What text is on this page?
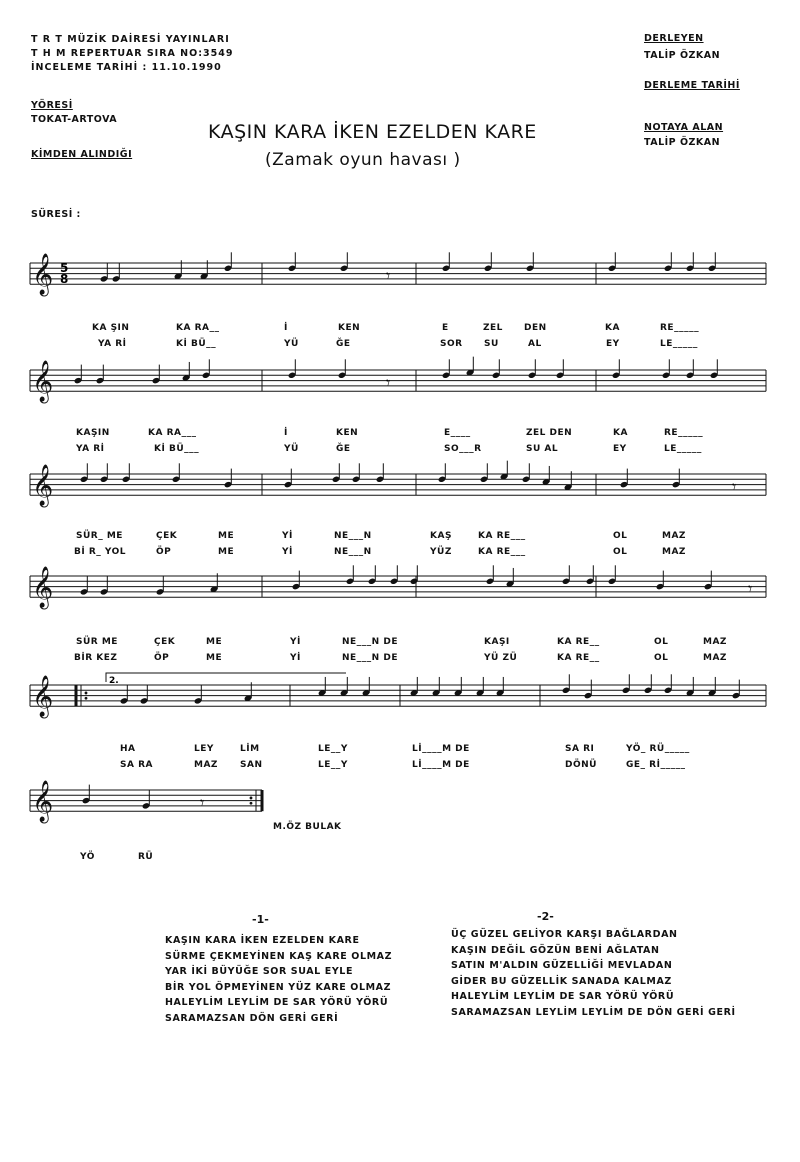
T R T MÜZİK DAİRESİ YAYINLARI
T H M REPERTUAR SIRA NO:3549
İNCELEME TARİHİ : 11.10.1990
YÖRESİ
TOKAT-ARTOVA
KİMDEN ALINDIĞI
SÜRESİ :
DERLEYEN
TALİP ÖZKAN
DERLEME TARİHİ
NOTAYA ALAN
TALİP ÖZKAN
KAŞIN KARA İKEN EZELDEN KARE
(Zamak oyun havası )
𝄞 5
8	𝄾
𝄞	𝄾
𝄞	𝄾
𝄞	𝄾
𝄞	2.
𝄞	𝄾
KA ŞIN	KA RA__	İ	KEN	E	ZEL DEN	KA	RE_____
YA Rİ	Kİ BÜ__	YÜ	ĞE	SOR SU	AL	EY	LE_____
KAŞIN	KA RA___	İ	KEN	E____	ZEL DEN	KA	RE_____
YA Rİ	Kİ BÜ___	YÜ	ĞE	SO___R	SU AL	EY	LE_____
SÜR_ ME	ÇEK	ME	Yİ	NE___N	KAŞ	KA RE___	OL	MAZ
Bİ R_ YOL	ÖP	ME	Yİ	NE___N	YÜZ	KA RE___	OL	MAZ
SÜR ME	ÇEK	ME	Yİ	NE___N DE	KAŞI	KA RE__	OL	MAZ
BİR KEZ	ÖP	ME	Yİ	NE___N DE	YÜ ZÜ	KA RE__	OL	MAZ
HA	LEY	LİM	LE__Y	Lİ____M DE	SA RI	YÖ_ RÜ_____
SA RA	MAZ SAN	LE__Y	Lİ____M DE	DÖNÜ	GE_ Rİ_____
YÖ	RÜ
M.ÖZ BULAK
-1-
KAŞIN KARA İKEN EZELDEN KARE
SÜRME ÇEKMEYİNEN KAŞ KARE OLMAZ
YAR İKİ BÜYÜĞE SOR SUAL EYLE
BİR YOL ÖPMEYİNEN YÜZ KARE OLMAZ
HALEYLİM LEYLİM DE SAR YÖRÜ YÖRÜ
SARAMAZSAN DÖN GERİ GERİ
-2-
ÜÇ GÜZEL GELİYOR KARŞI BAĞLARDAN
KAŞIN DEĞİL GÖZÜN BENİ AĞLATAN
SATIN M'ALDIN GÜZELLİĞİ MEVLADAN
GİDER BU GÜZELLİK SANADA KALMAZ
HALEYLİM LEYLİM DE SAR YÖRÜ YÖRÜ
SARAMAZSAN LEYLİM LEYLİM DE DÖN GERİ GERİ
